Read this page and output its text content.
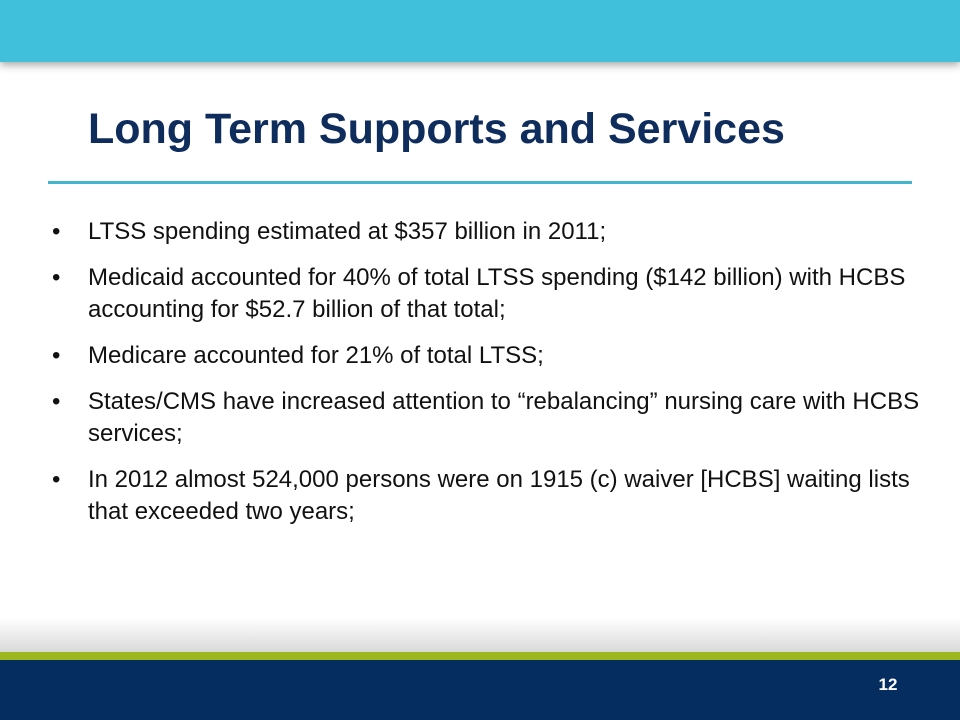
Long Term Supports and Services
• LTSS spending estimated at $357 billion in 2011;
• Medicaid accounted for 40% of total LTSS spending ($142 billion) with HCBS accounting for $52.7 billion of that total;
• Medicare accounted for 21% of total LTSS;
• States/CMS have increased attention to “rebalancing” nursing care with HCBS services;
• In 2012 almost 524,000 persons were on 1915 (c) waiver [HCBS] waiting lists that exceeded two years;
12
